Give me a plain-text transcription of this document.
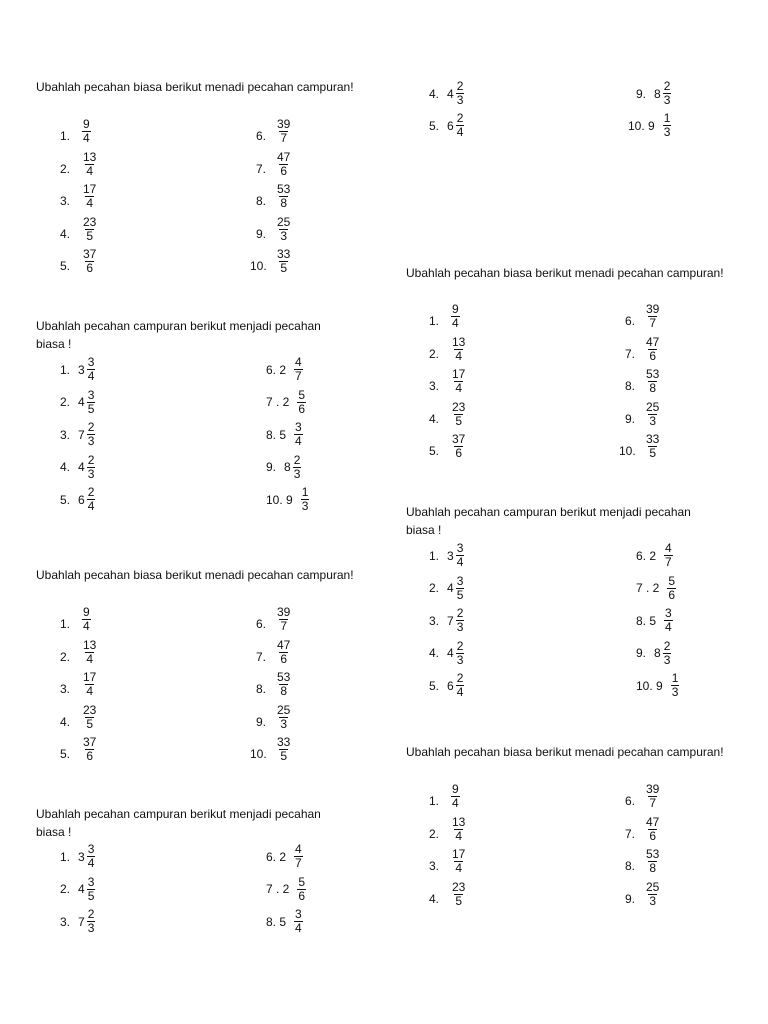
Ubahlah pecahan biasa berikut menadi pecahan campuran!
Ubahlah pecahan campuran berikut menjadi pecahan biasa !
Ubahlah pecahan biasa berikut menadi pecahan campuran!
Ubahlah pecahan campuran berikut menjadi pecahan biasa !
Ubahlah pecahan biasa berikut menadi pecahan campuran!
Ubahlah pecahan campuran berikut menjadi pecahan biasa !
Ubahlah pecahan biasa berikut menadi pecahan campuran!
1. $\frac{9}{4}$
2. $\frac{13}{4}$
3. $\frac{17}{4}$
4. $\frac{23}{5}$
5. $\frac{37}{6}$
6. $\frac{39}{7}$
7. $\frac{47}{6}$
8. $\frac{53}{8}$
9. $\frac{25}{3}$
10. $\frac{33}{5}$
1. $3 \frac{3}{4}$
2. $4 \frac{3}{5}$
3. $7 \frac{2}{3}$
4. $4 \frac{2}{3}$
5. $6 \frac{2}{4}$
6. $2 \frac{4}{7}$
7 . $2 \frac{5}{6}$
8. $5 \frac{3}{4}$
9. $8 \frac{2}{3}$
10. $9 \frac{1}{3}$
1. $\frac{9}{4}$
2. $\frac{13}{4}$
3. $\frac{17}{4}$
4. $\frac{23}{5}$
5. $\frac{37}{6}$
6. $\frac{39}{7}$
7. $\frac{47}{6}$
8. $\frac{53}{8}$
9. $\frac{25}{3}$
10. $\frac{33}{5}$
1. $3 \frac{3}{4}$
2. $4 \frac{3}{5}$
3. $7 \frac{2}{3}$
6. $2 \frac{4}{7}$
7 . $2 \frac{5}{6}$
8. $5 \frac{3}{4}$
4. $4 \frac{2}{3}$	9. $8 \frac{2}{3}$
5. $6 \frac{2}{4}$	10. $9 \frac{1}{3}$
1. $\frac{9}{4}$
2. $\frac{13}{4}$
3. $\frac{17}{4}$
4. $\frac{23}{5}$
5. $\frac{37}{6}$
6. $\frac{39}{7}$
7. $\frac{47}{6}$
8. $\frac{53}{8}$
9. $\frac{25}{3}$
10. $\frac{33}{5}$
1. $3 \frac{3}{4}$
2. $4 \frac{3}{5}$
3. $7 \frac{2}{3}$
4. $4 \frac{2}{3}$
5. $6 \frac{2}{4}$
6. $2 \frac{4}{7}$
7 . $2 \frac{5}{6}$
8. $5 \frac{3}{4}$
9. $8 \frac{2}{3}$
10. $9 \frac{1}{3}$
1. $\frac{9}{4}$
2. $\frac{13}{4}$
3. $\frac{17}{4}$
4. $\frac{23}{5}$
6. $\frac{39}{7}$
7. $\frac{47}{6}$
8. $\frac{53}{8}$
9. $\frac{25}{3}$
